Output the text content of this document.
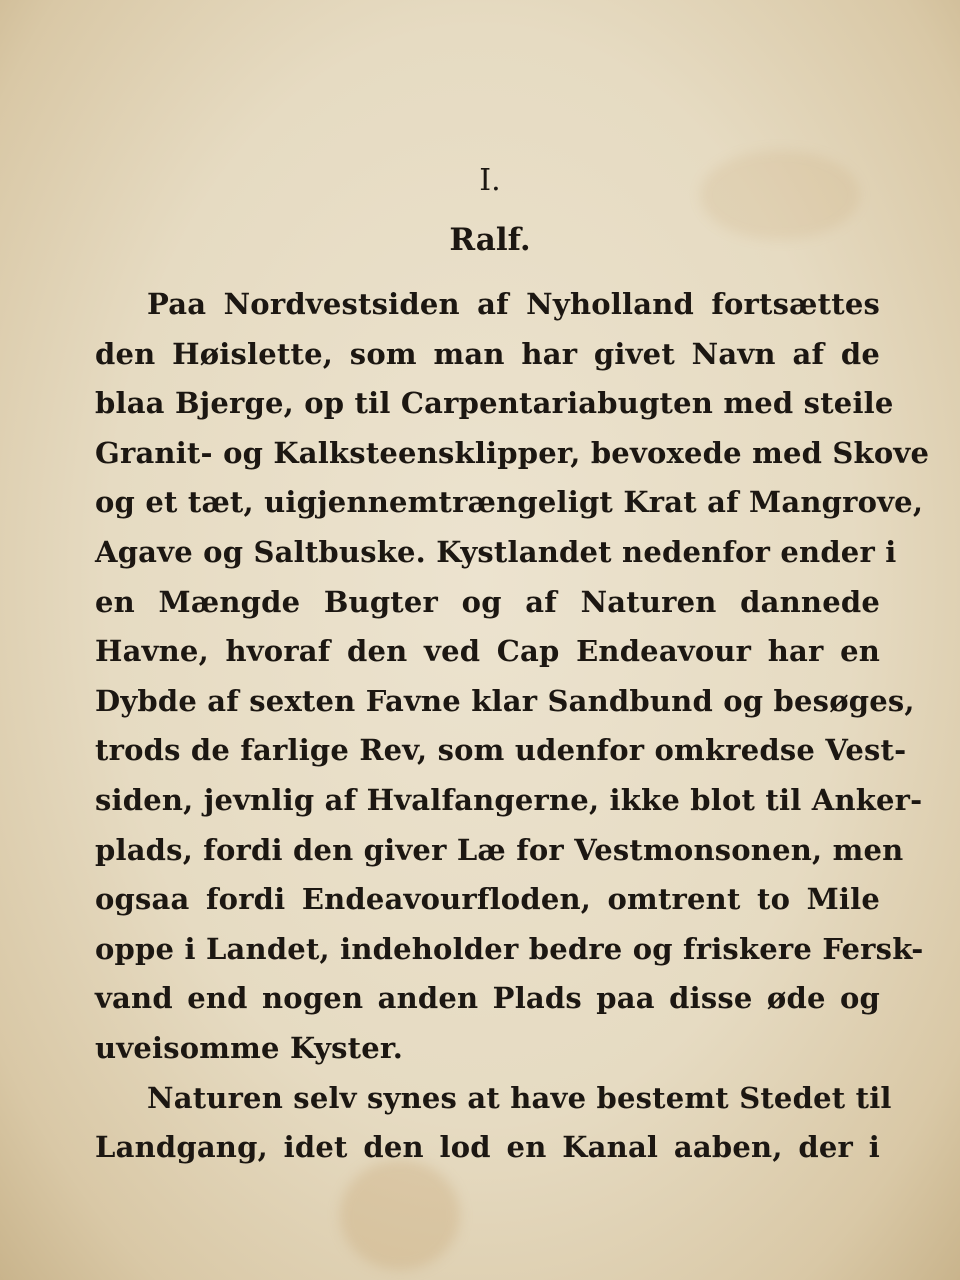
I.
Ralf.
Paa Nordvestsiden af Nyholland fortsættes
den Høislette, som man har givet Navn af de
blaa Bjerge, op til Carpentariabugten med steile
Granit- og Kalksteensklipper, bevoxede med Skove
og et tæt, uigjennemtrængeligt Krat af Mangrove,
Agave og Saltbuske. Kystlandet nedenfor ender i
en Mængde Bugter og af Naturen dannede
Havne, hvoraf den ved Cap Endeavour har en
Dybde af sexten Favne klar Sandbund og besøges,
trods de farlige Rev, som udenfor omkredse Vest-
siden, jevnlig af Hvalfangerne, ikke blot til Anker-
plads, fordi den giver Læ for Vestmonsonen, men
ogsaa fordi Endeavourfloden, omtrent to Mile
oppe i Landet, indeholder bedre og friskere Fersk-
vand end nogen anden Plads paa disse øde og
uveisomme Kyster.
Naturen selv synes at have bestemt Stedet til
Landgang, idet den lod en Kanal aaben, der i
